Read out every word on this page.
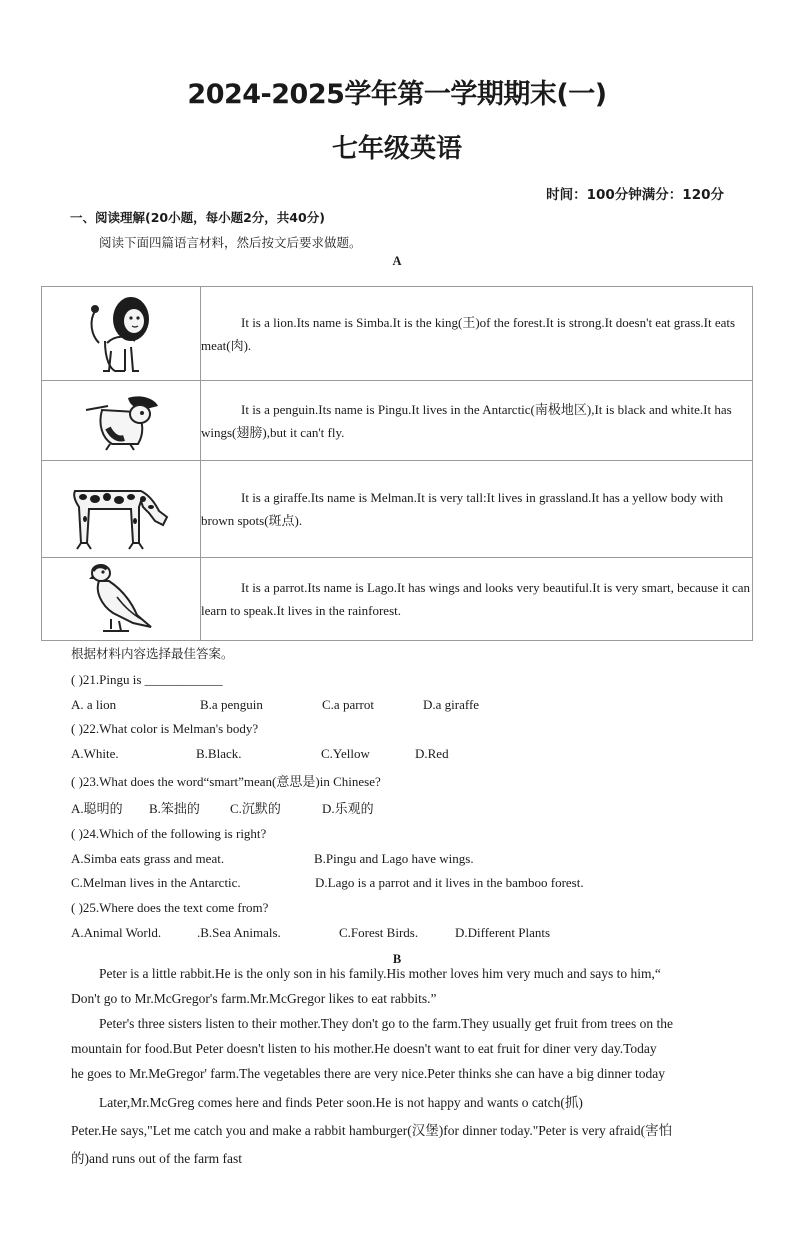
2024-2025学年第一学期期末(一)
七年级英语
时间：100分钟满分：120分
一、阅读理解(20小题，每小题2分，共40分)
阅读下面四篇语言材料，然后按文后要求做题。
A
	It is a lion.Its name is Simba.It is the king(王)of the forest.It is strong.It doesn't eat grass.It eats meat(肉).

	It is a penguin.Its name is Pingu.It lives in the Antarctic(南极地区),It is black and white.It has wings(翅膀),but it can't fly.

	It is a giraffe.Its name is Melman.It is very tall:It lives in grassland.It has a yellow body with brown spots(斑点).

	It is a parrot.Its name is Lago.It has wings and looks very beautiful.It is very smart, because it can learn to speak.It lives in the rainforest.
根据材料内容选择最佳答案。
( )21.Pingu is ____________
A. a lion	B.a penguin	C.a parrot	D.a giraffe
( )22.What color is Melman's body?
A.White.	B.Black.	C.Yellow	D.Red
( )23.What does the word“smart”mean(意思是)in Chinese?
A.聪明的 B.笨拙的 C.沉默的	D.乐观的
( )24.Which of the following is right?
A.Simba eats grass and meat.	B.Pingu and Lago have wings.
C.Melman lives in the Antarctic.	D.Lago is a parrot and it lives in the bamboo forest.
( )25.Where does the text come from?
A.Animal World.	.B.Sea Animals.	C.Forest Birds.	D.Different Plants
B
Peter is a little rabbit.He is the only son in his family.His mother loves him very much and says to him,“
Don't go to Mr.McGregor's farm.Mr.McGregor likes to eat rabbits.”
Peter's three sisters listen to their mother.They don't go to the farm.They usually get fruit from trees on the
mountain for food.But Peter doesn't listen to his mother.He doesn't want to eat fruit for diner very day.Today
he goes to Mr.MeGregor' farm.The vegetables there are very nice.Peter thinks she can have a big dinner today
Later,Mr.McGreg comes here and finds Peter soon.He is not happy and wants o catch(抓)
Peter.He says,"Let me catch you and make a rabbit hamburger(汉堡)for dinner today."Peter is very afraid(害怕
的)and runs out of the farm fast
